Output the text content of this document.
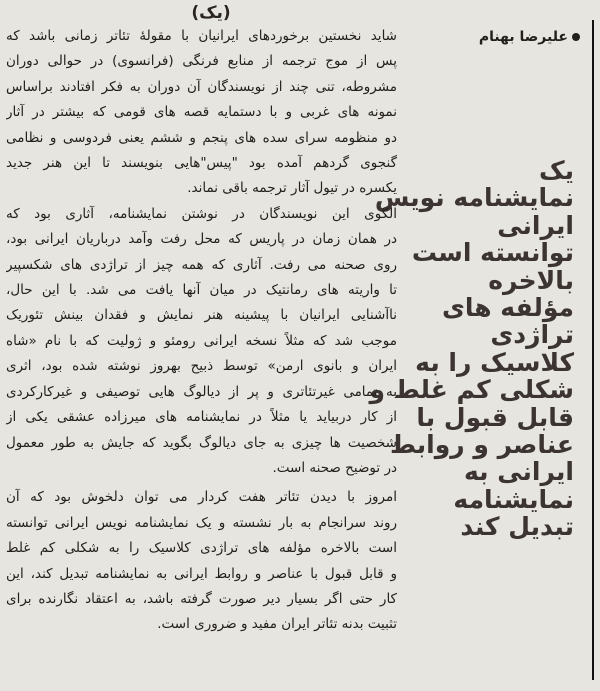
(یک)
علیرضا بهنام
یک
نمایشنامه نویس
ایرانی
توانسته است
بالاخره
مؤلفه های
تراژدی
کلاسیک را به
شکلی کم غلط و
قابل قبول با
عناصر و روابط
ایرانی به
نمایشنامه
تبدیل کند
شاید نخستین برخوردهای ایرانیان با مقولهٔ تئاتر زمانی باشد که
پس از موج ترجمه از منابع فرنگی (فرانسوی) در حوالی دوران
مشروطه، تنی چند از نویسندگان آن دوران به فکر افتادند براساس
نمونه های غربی و با دستمایه قصه های قومی که بیشتر در آثار
دو منظومه سرای سده های پنجم و ششم یعنی فردوسی و نظامی
گنجوی گردهم آمده بود "پیس"هایی بنویسند تا این هنر جدید
یکسره در تیول آثار ترجمه باقی نماند.
الگوی این نویسندگان در نوشتن نمایشنامه، آثاری بود که
در همان زمان در پاریس که محل رفت وآمد درباریان ایرانی بود،
روی صحنه می رفت. آثاری که همه چیز از تراژدی های شکسپیر
تا واریته های رمانتیک در میان آنها یافت می شد. با این حال،
ناآشنایی ایرانیان با پیشینه هنر نمایش و فقدان بینش تئوریک
موجب شد که مثلاً نسخه ایرانی رومئو و ژولیت که با نام «شاه
ایران و بانوی ارمن» توسط ذبیح بهروز نوشته شده بود، اثری
به تمامی غیرتئاتری و پر از دیالوگ هایی توصیفی و غیرکارکردی
از کار دربیاید یا مثلاً در نمایشنامه های میرزاده عشقی یکی از
شخصیت ها چیزی به جای دیالوگ بگوید که جایش به طور معمول
در توضیح صحنه است.
امروز با دیدن تئاتر هفت کردار می توان دلخوش بود که آن
روند سرانجام به بار نشسته و یک نمایشنامه نویس ایرانی توانسته
است بالاخره مؤلفه های تراژدی کلاسیک را به شکلی کم غلط
و قابل قبول با عناصر و روابط ایرانی به نمایشنامه تبدیل کند، این
کار حتی اگر بسیار دیر صورت گرفته باشد، به اعتقاد نگارنده برای
تثبیت بدنه تئاتر ایران مفید و ضروری است.
